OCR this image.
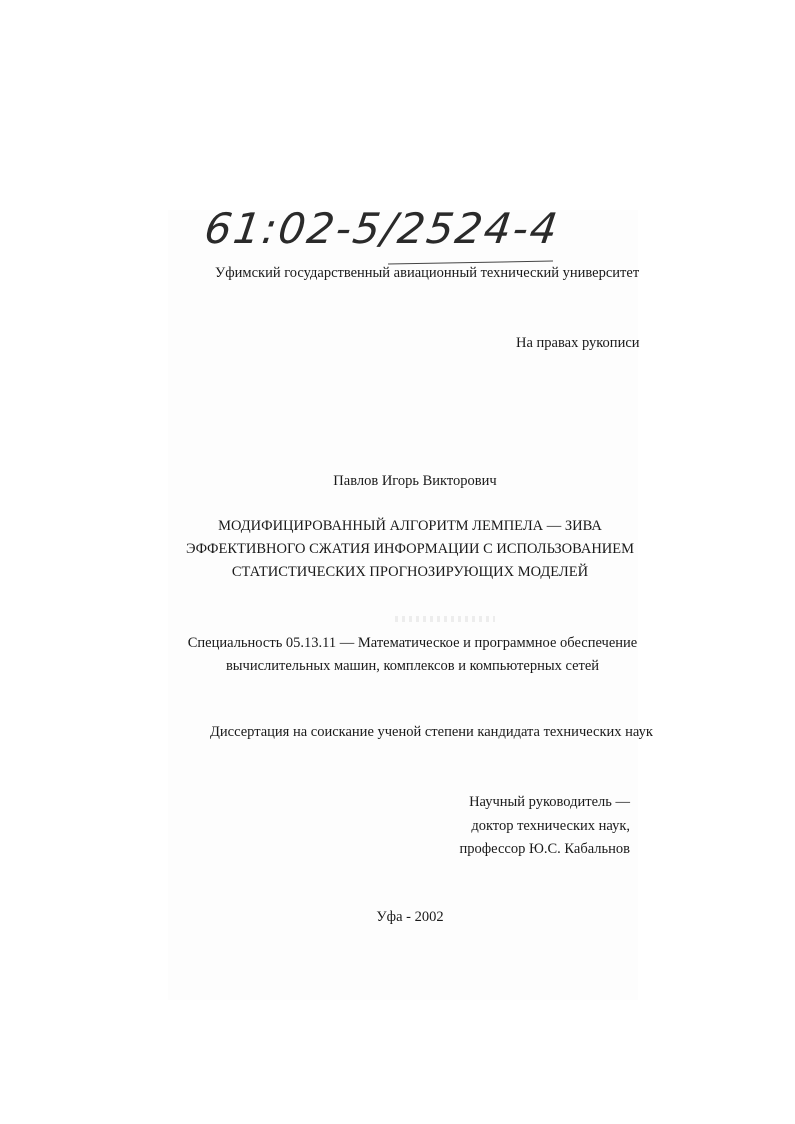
61:02-5/2524-4
Уфимский государственный авиационный технический университет
На правах рукописи
Павлов Игорь Викторович
МОДИФИЦИРОВАННЫЙ АЛГОРИТМ ЛЕМПЕЛА — ЗИВА
ЭФФЕКТИВНОГО СЖАТИЯ ИНФОРМАЦИИ С ИСПОЛЬЗОВАНИЕМ
СТАТИСТИЧЕСКИХ ПРОГНОЗИРУЮЩИХ МОДЕЛЕЙ
Специальность 05.13.11 — Математическое и программное обеспечение
вычислительных машин, комплексов и компьютерных сетей
Диссертация на соискание ученой степени кандидата технических наук
Научный руководитель —
доктор технических наук,
профессор Ю.С. Кабальнов
Уфа - 2002
